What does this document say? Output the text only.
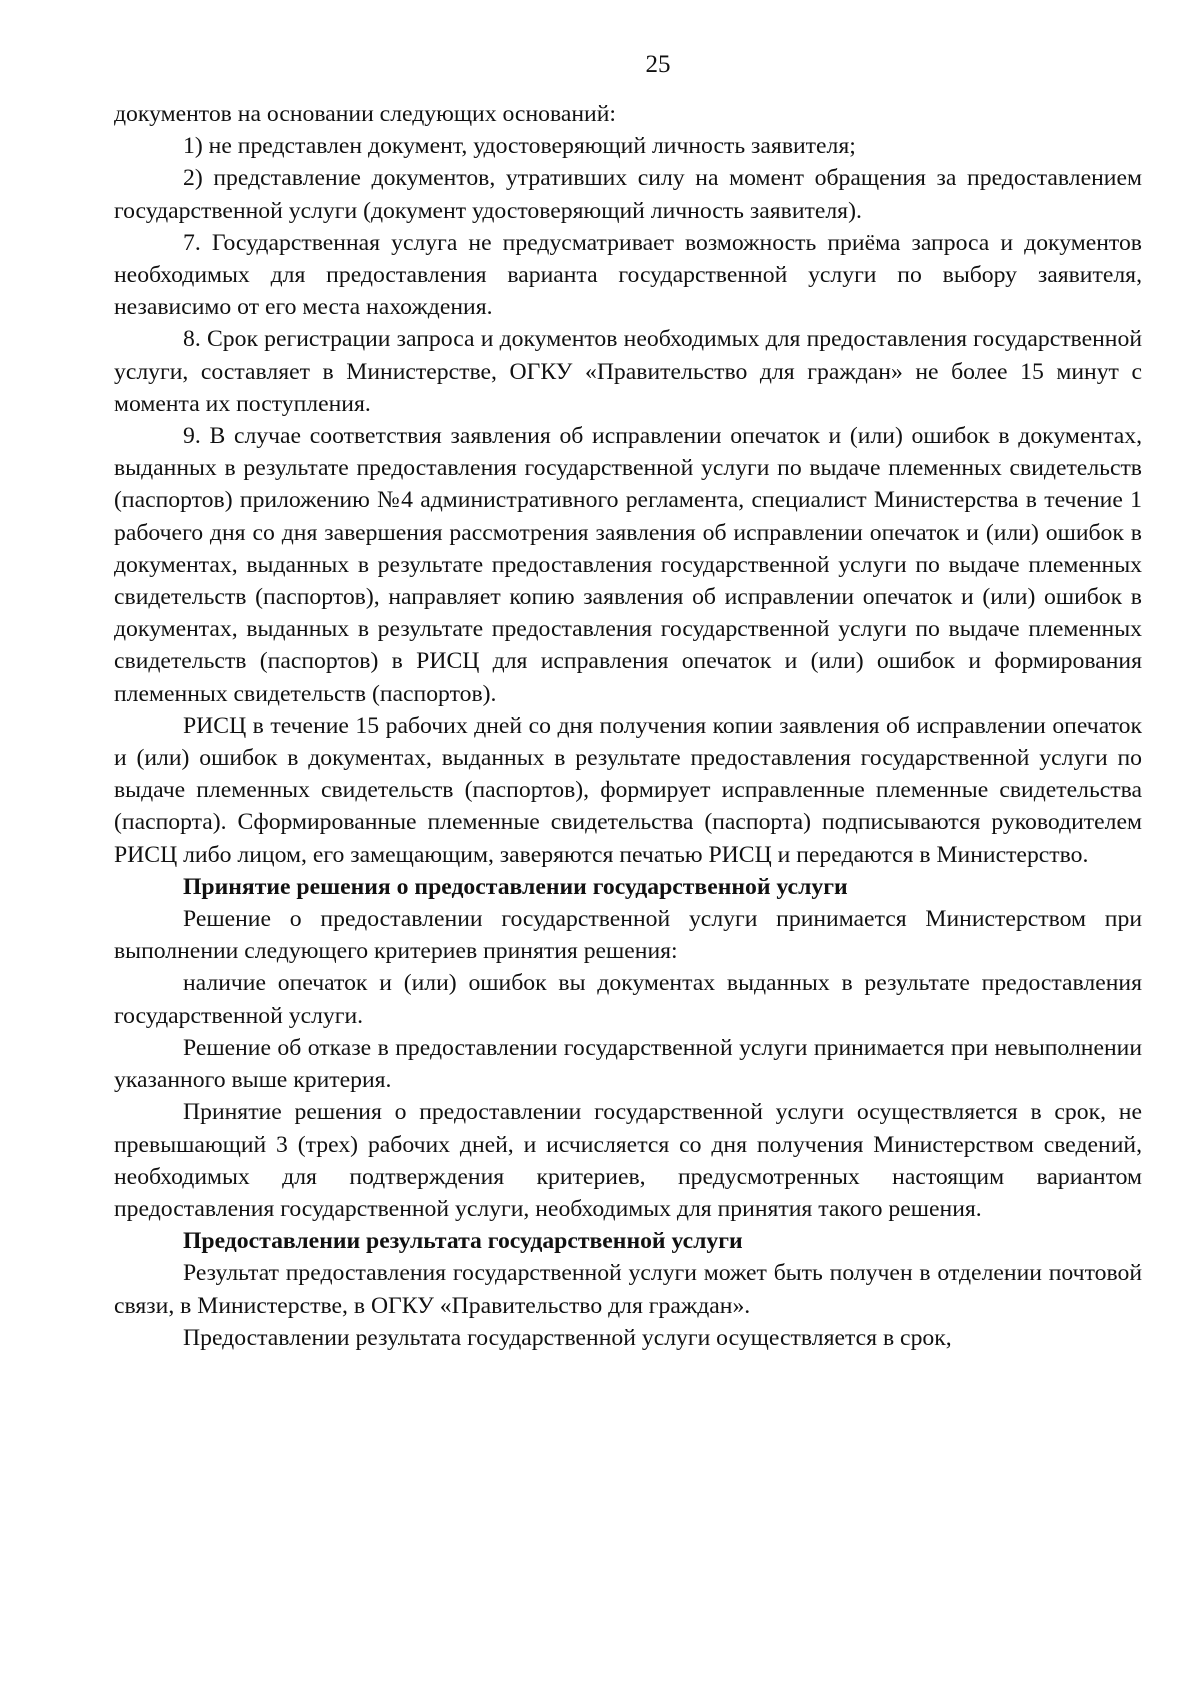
25

документов на основании следующих оснований:

1) не представлен документ, удостоверяющий личность заявителя;

2) представление документов, утративших силу на момент обращения за предоставлением государственной услуги (документ удостоверяющий личность заявителя).

7. Государственная услуга не предусматривает возможность приёма запроса и документов необходимых для предоставления варианта государственной услуги по выбору заявителя, независимо от его места нахождения.

8. Срок регистрации запроса и документов необходимых для предоставления государственной услуги, составляет в Министерстве, ОГКУ «Правительство для граждан» не более 15 минут с момента их поступления.

9. В случае соответствия заявления об исправлении опечаток и (или) ошибок в документах, выданных в результате предоставления государственной услуги по выдаче племенных свидетельств (паспортов) приложению №4 административного регламента, специалист Министерства в течение 1 рабочего дня со дня завершения рассмотрения заявления об исправлении опечаток и (или) ошибок в документах, выданных в результате предоставления государственной услуги по выдаче племенных свидетельств (паспортов), направляет копию заявления об исправлении опечаток и (или) ошибок в документах, выданных в результате предоставления государственной услуги по выдаче племенных свидетельств (паспортов) в РИСЦ для исправления опечаток и (или) ошибок и формирования племенных свидетельств (паспортов).

РИСЦ в течение 15 рабочих дней со дня получения копии заявления об исправлении опечаток и (или) ошибок в документах, выданных в результате предоставления государственной услуги по выдаче племенных свидетельств (паспортов), формирует исправленные племенные свидетельства (паспорта). Сформированные племенные свидетельства (паспорта) подписываются руководителем РИСЦ либо лицом, его замещающим, заверяются печатью РИСЦ и передаются в Министерство.

Принятие решения о предоставлении государственной услуги

Решение о предоставлении государственной услуги принимается Министерством при выполнении следующего критериев принятия решения:

наличие опечаток и (или) ошибок вы документах выданных в результате предоставления государственной услуги.

Решение об отказе в предоставлении государственной услуги принимается при невыполнении указанного выше критерия.

Принятие решения о предоставлении государственной услуги осуществляется в срок, не превышающий 3 (трех) рабочих дней, и исчисляется со дня получения Министерством сведений, необходимых для подтверждения критериев, предусмотренных настоящим вариантом предоставления государственной услуги, необходимых для принятия такого решения.

Предоставлении результата государственной услуги

Результат предоставления государственной услуги может быть получен в отделении почтовой связи, в Министерстве, в ОГКУ «Правительство для граждан».

Предоставлении результата государственной услуги осуществляется в срок,
